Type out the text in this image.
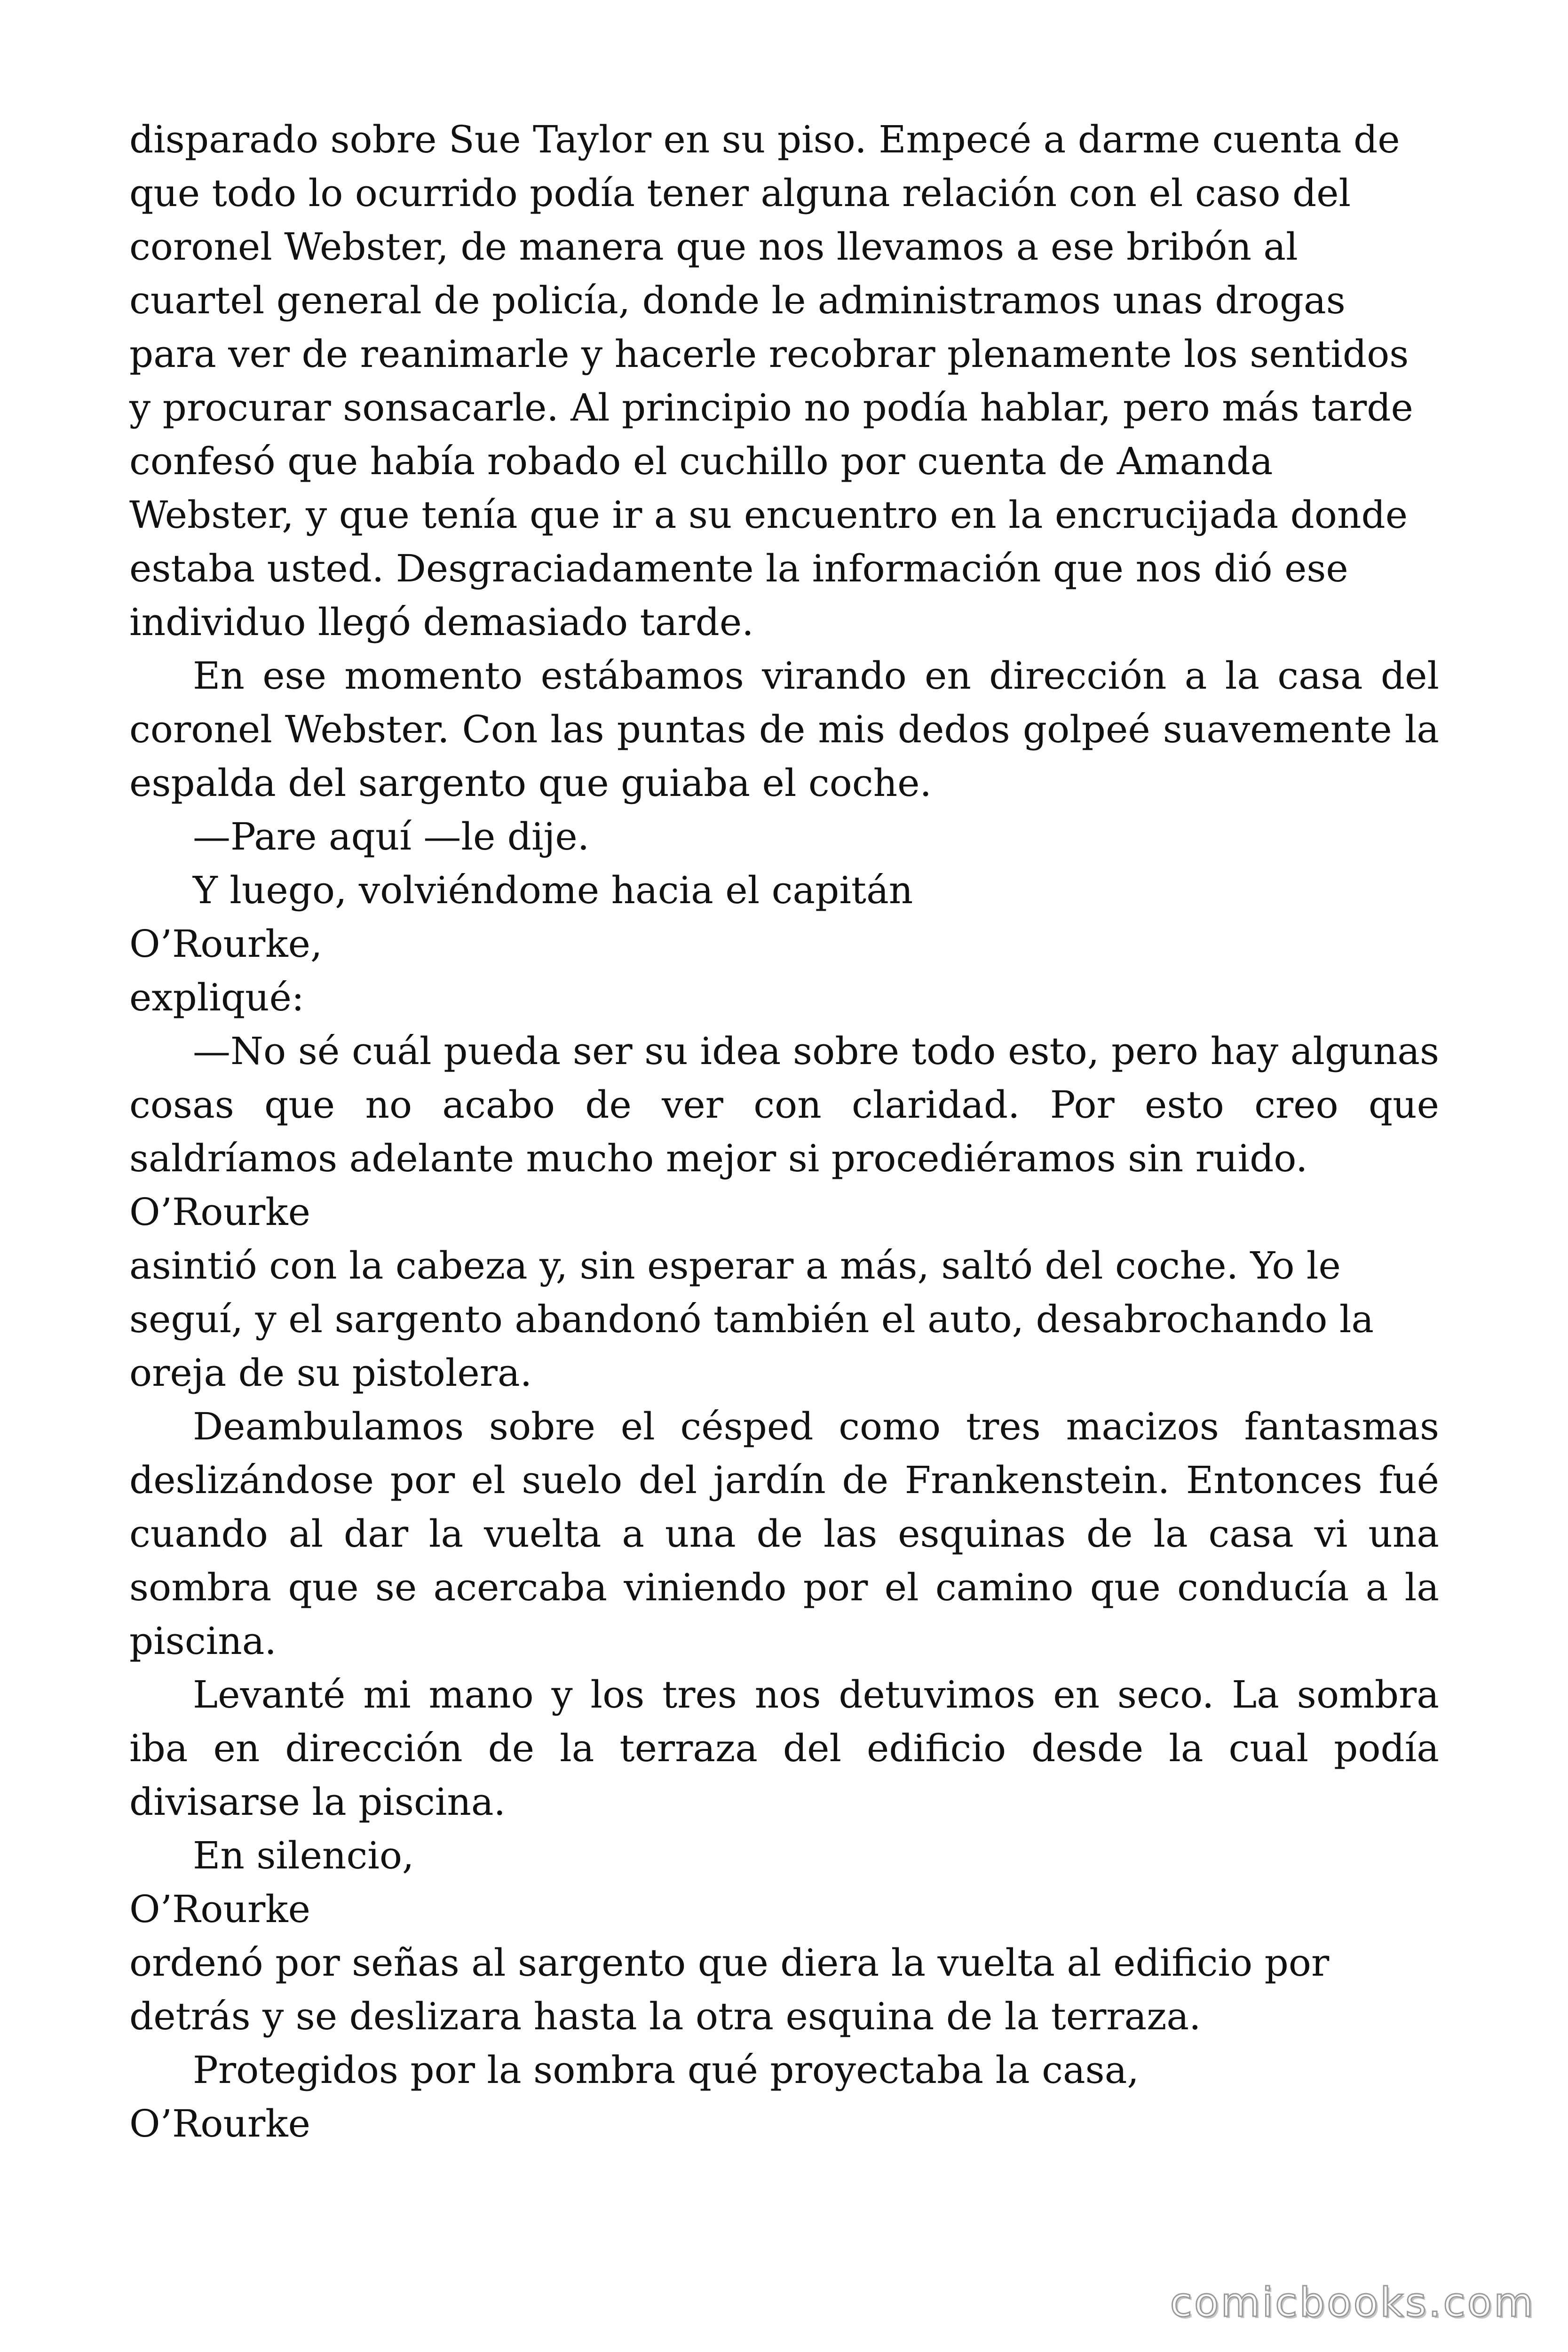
disparado sobre Sue Taylor en su piso. Empecé a darme cuenta de que todo lo ocurrido podía tener alguna relación con el caso del coronel Webster, de manera que nos llevamos a ese bribón al cuartel general de policía, donde le administramos unas drogas para ver de reanimarle y hacerle recobrar plenamente los sentidos y procurar sonsacarle. Al principio no podía hablar, pero más tarde confesó que había robado el cuchillo por cuenta de Amanda Webster, y que tenía que ir a su encuentro en la encrucijada donde estaba usted. Desgraciadamente la información que nos dió ese individuo llegó demasiado tarde.

En ese momento estábamos virando en dirección a la casa del coronel Webster. Con las puntas de mis dedos golpeé suavemente la espalda del sargento que guiaba el coche.

—Pare aquí —le dije.

Y luego, volviéndome hacia el capitán

O’Rourke,

expliqué:

—No sé cuál pueda ser su idea sobre todo esto, pero hay algunas cosas que no acabo de ver con claridad. Por esto creo que saldríamos adelante mucho mejor si procediéramos sin ruido.

O’Rourke

asintió con la cabeza y, sin esperar a más, saltó del coche. Yo le seguí, y el sargento abandonó también el auto, desabrochando la oreja de su pistolera.

Deambulamos sobre el césped como tres macizos fantasmas deslizándose por el suelo del jardín de Frankenstein. Entonces fué cuando al dar la vuelta a una de las esquinas de la casa vi una sombra que se acercaba viniendo por el camino que conducía a la piscina.

Levanté mi mano y los tres nos detuvimos en seco. La sombra iba en dirección de la terraza del edificio desde la cual podía divisarse la piscina.

En silencio,

O’Rourke

ordenó por señas al sargento que diera la vuelta al edificio por detrás y se deslizara hasta la otra esquina de la terraza.

Protegidos por la sombra qué proyectaba la casa,

O’Rourke

comicbooks.com
